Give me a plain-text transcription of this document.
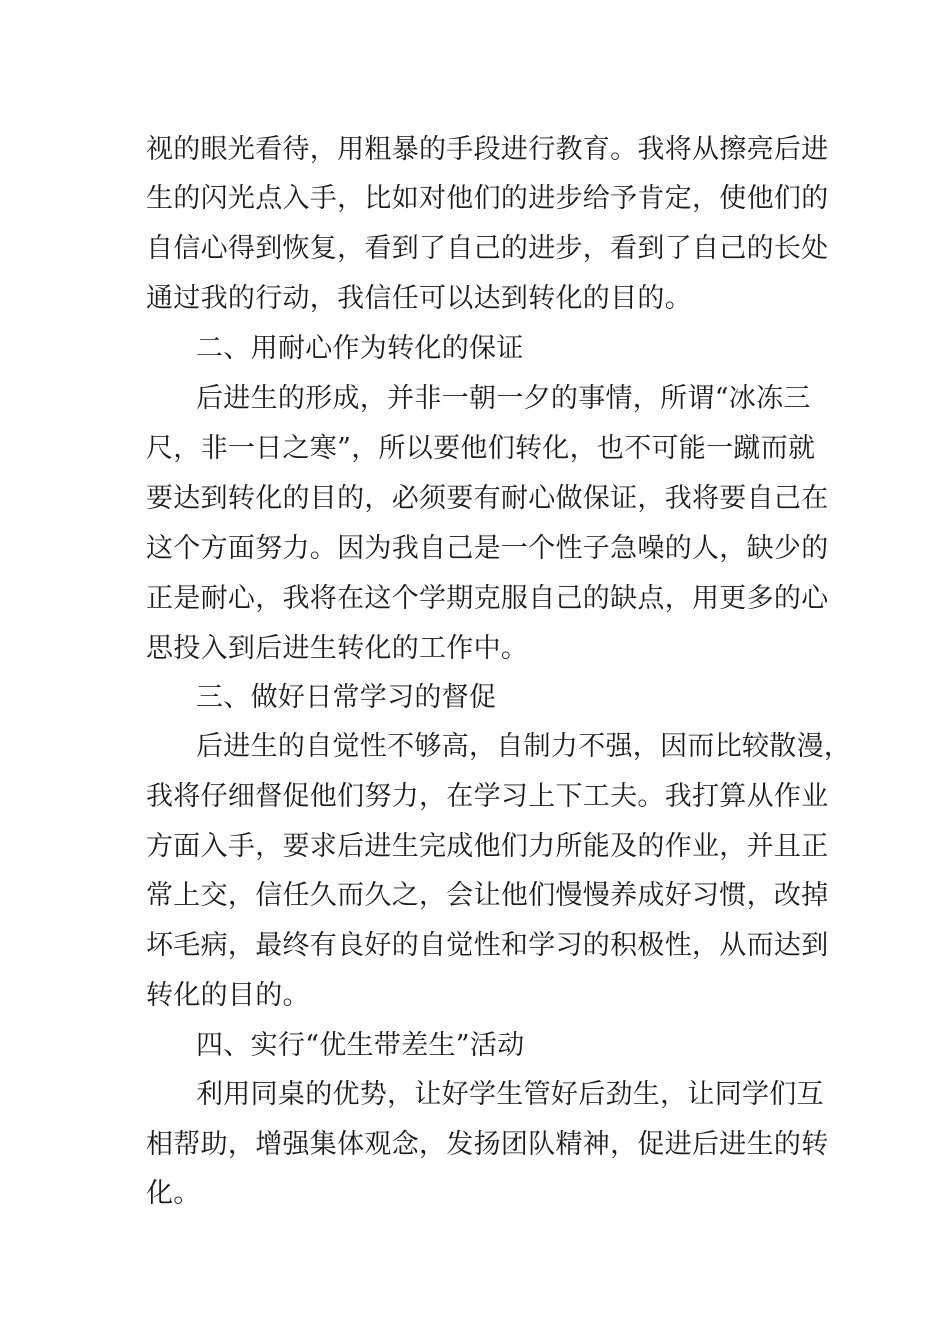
视的眼光看待，用粗暴的手段进行教育。我将从擦亮后进
生的闪光点入手，比如对他们的进步给予肯定，使他们的
自信心得到恢复，看到了自己的进步，看到了自己的长处
通过我的行动，我信任可以达到转化的目的。
二、用耐心作为转化的保证
后进生的形成，并非一朝一夕的事情，所谓“冰冻三
尺，非一日之寒”，所以要他们转化，也不可能一蹴而就
要达到转化的目的，必须要有耐心做保证，我将要自己在
这个方面努力。因为我自己是一个性子急噪的人，缺少的
正是耐心，我将在这个学期克服自己的缺点，用更多的心
思投入到后进生转化的工作中。
三、做好日常学习的督促
后进生的自觉性不够高，自制力不强，因而比较散漫，
我将仔细督促他们努力，在学习上下工夫。我打算从作业
方面入手，要求后进生完成他们力所能及的作业，并且正
常上交，信任久而久之，会让他们慢慢养成好习惯，改掉
坏毛病，最终有良好的自觉性和学习的积极性，从而达到
转化的目的。
四、实行“优生带差生”活动
利用同桌的优势，让好学生管好后劲生，让同学们互
相帮助，增强集体观念，发扬团队精神，促进后进生的转
化。
